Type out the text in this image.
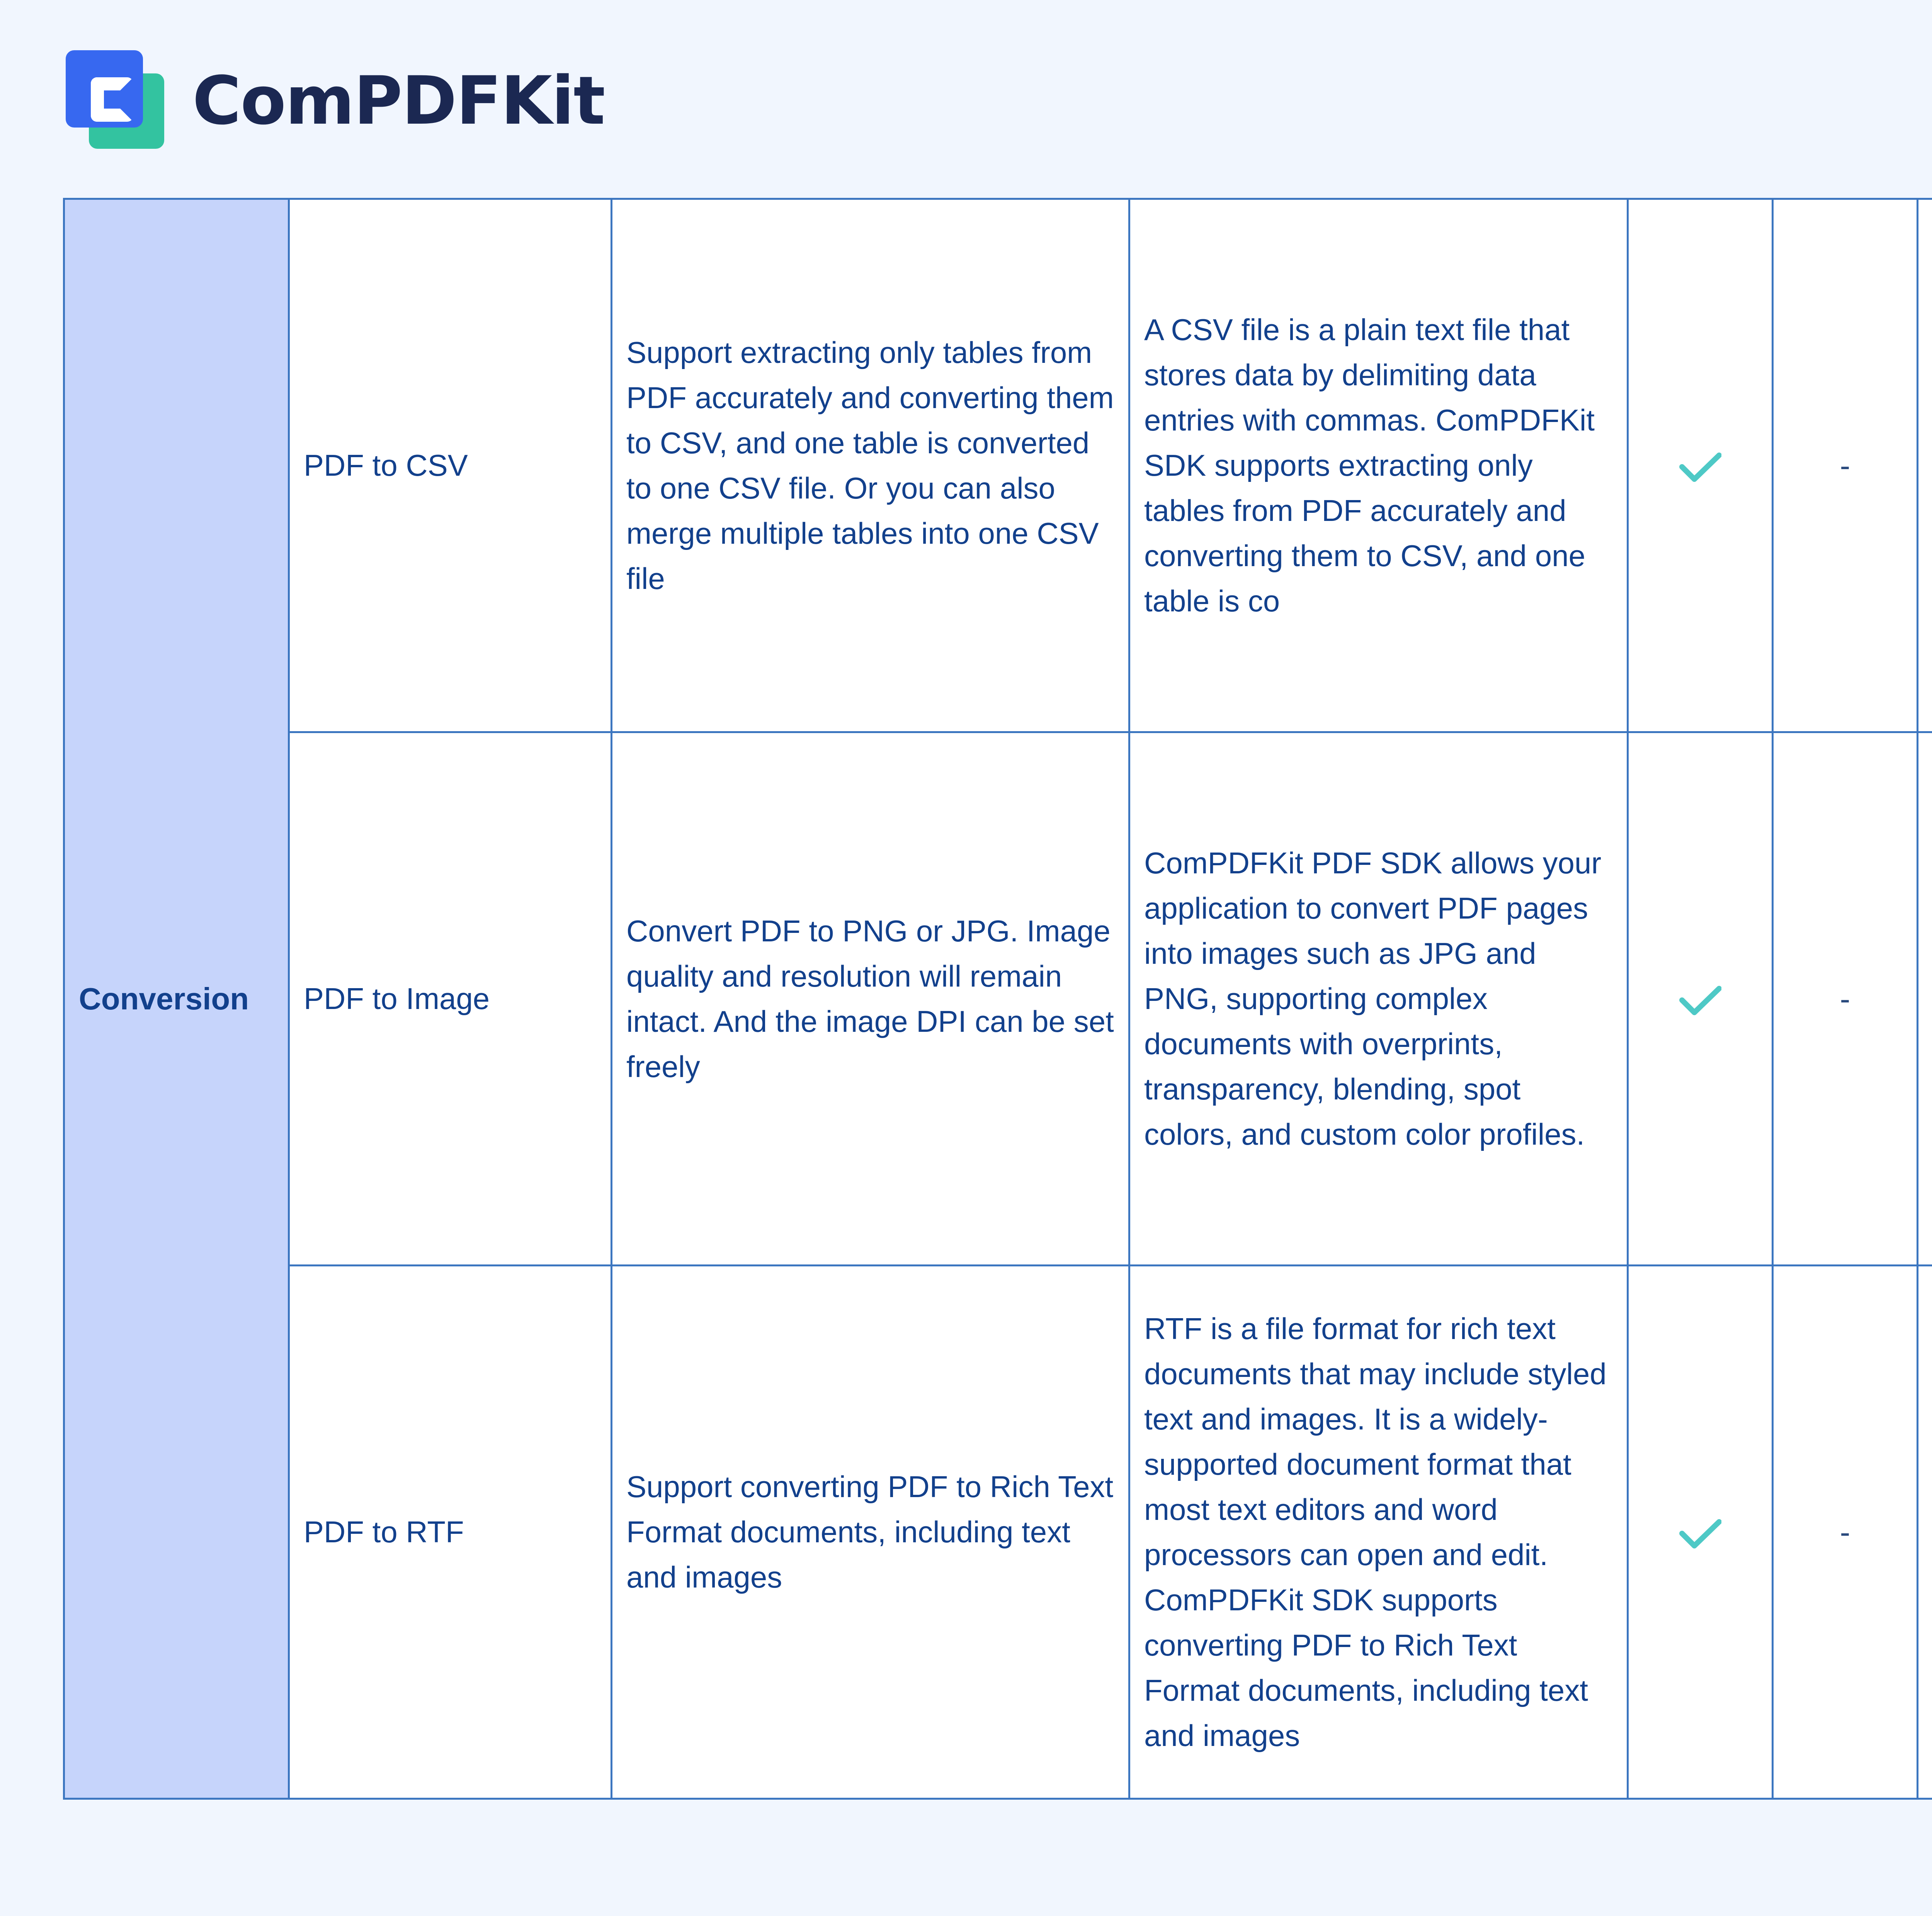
ComPDFKit
Conversion	PDF to CSV	Support extracting only tables from PDF accurately and converting them to CSV, and one table is converted to one CSV file. Or you can also merge multiple tables into one CSV file	A CSV file is a plain text file that stores data by delimiting data entries with commas. ComPDFKit SDK supports extracting only tables from PDF accurately and converting them to CSV, and one table is co		-					
	PDF to Image	Convert PDF to PNG or JPG. Image quality and resolution will remain intact. And the image DPI can be set freely	ComPDFKit PDF SDK allows your application to convert PDF pages into images such as JPG and PNG, supporting complex documents with overprints, transparency, blending, spot colors, and custom color profiles.		-					
	PDF to RTF	Support converting PDF to Rich Text Format documents, including text and images	RTF is a file format for rich text documents that may include styled text and images. It is a widely-supported document format that most text editors and word processors can open and edit. ComPDFKit SDK supports converting PDF to Rich Text Format documents, including text and images		-					
